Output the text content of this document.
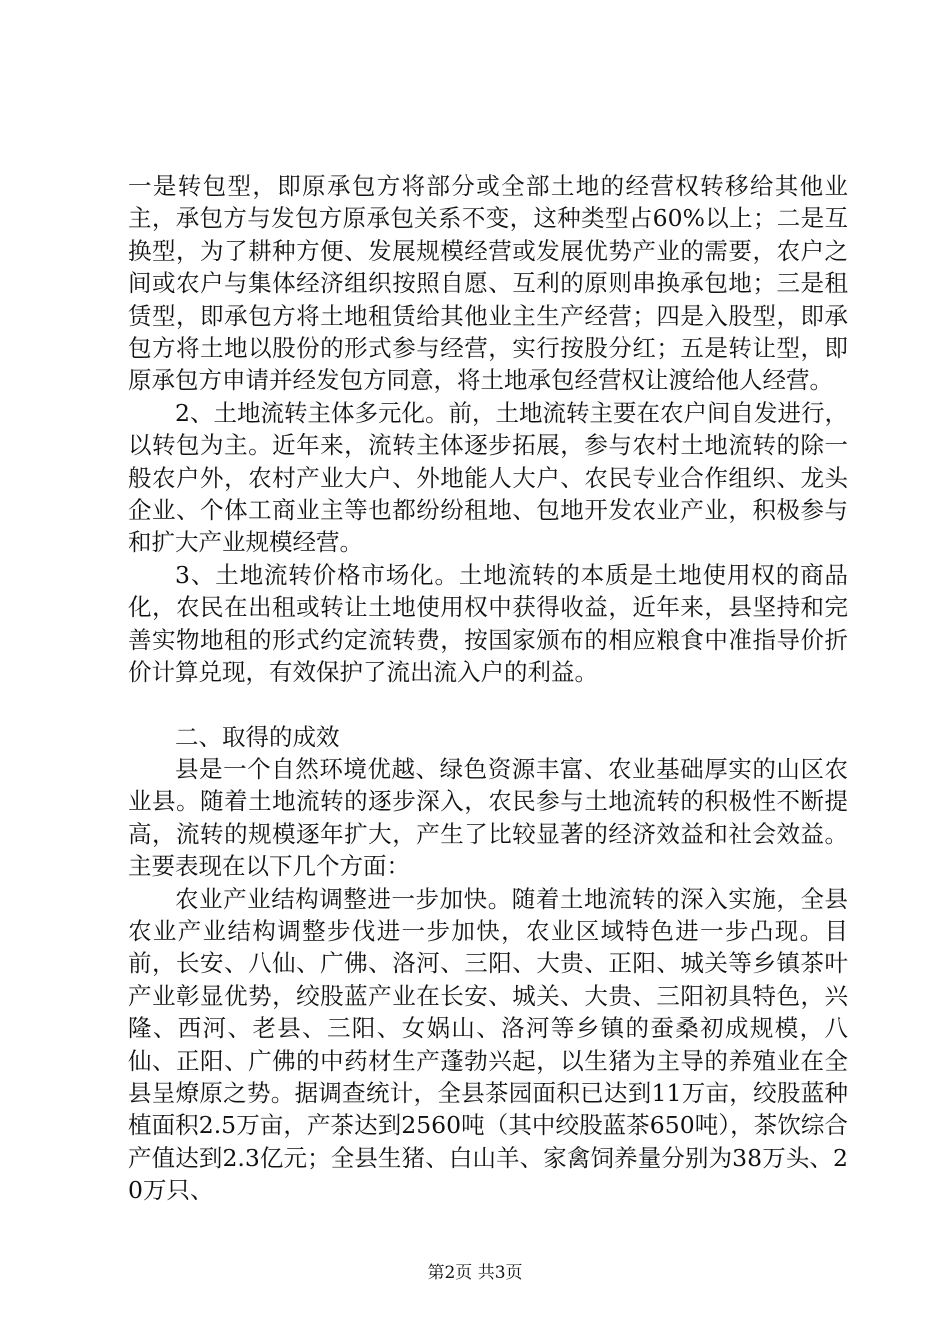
一是转包型，即原承包方将部分或全部土地的经营权转移给其他业主，承包方与发包方原承包关系不变，这种类型占60%以上；二是互换型，为了耕种方便、发展规模经营或发展优势产业的需要，农户之间或农户与集体经济组织按照自愿、互利的原则串换承包地；三是租赁型，即承包方将土地租赁给其他业主生产经营；四是入股型，即承包方将土地以股份的形式参与经营，实行按股分红；五是转让型，即原承包方申请并经发包方同意，将土地承包经营权让渡给他人经营。

2、土地流转主体多元化。前，土地流转主要在农户间自发进行，以转包为主。近年来，流转主体逐步拓展，参与农村土地流转的除一般农户外，农村产业大户、外地能人大户、农民专业合作组织、龙头企业、个体工商业主等也都纷纷租地、包地开发农业产业，积极参与和扩大产业规模经营。

3、土地流转价格市场化。土地流转的本质是土地使用权的商品化，农民在出租或转让土地使用权中获得收益，近年来，县坚持和完善实物地租的形式约定流转费，按国家颁布的相应粮食中准指导价折价计算兑现，有效保护了流出流入户的利益。

二、取得的成效

县是一个自然环境优越、绿色资源丰富、农业基础厚实的山区农业县。随着土地流转的逐步深入，农民参与土地流转的积极性不断提高，流转的规模逐年扩大，产生了比较显著的经济效益和社会效益。主要表现在以下几个方面：

农业产业结构调整进一步加快。随着土地流转的深入实施，全县农业产业结构调整步伐进一步加快，农业区域特色进一步凸现。目前，长安、八仙、广佛、洛河、三阳、大贵、正阳、城关等乡镇茶叶产业彰显优势，绞股蓝产业在长安、城关、大贵、三阳初具特色，兴隆、西河、老县、三阳、女娲山、洛河等乡镇的蚕桑初成规模，八仙、正阳、广佛的中药材生产蓬勃兴起，以生猪为主导的养殖业在全县呈燎原之势。据调查统计，全县茶园面积已达到11万亩，绞股蓝种植面积2.5万亩，产茶达到2560吨（其中绞股蓝茶650吨），茶饮综合产值达到2.3亿元；全县生猪、白山羊、家禽饲养量分别为38万头、20万只、

第2页 共3页
